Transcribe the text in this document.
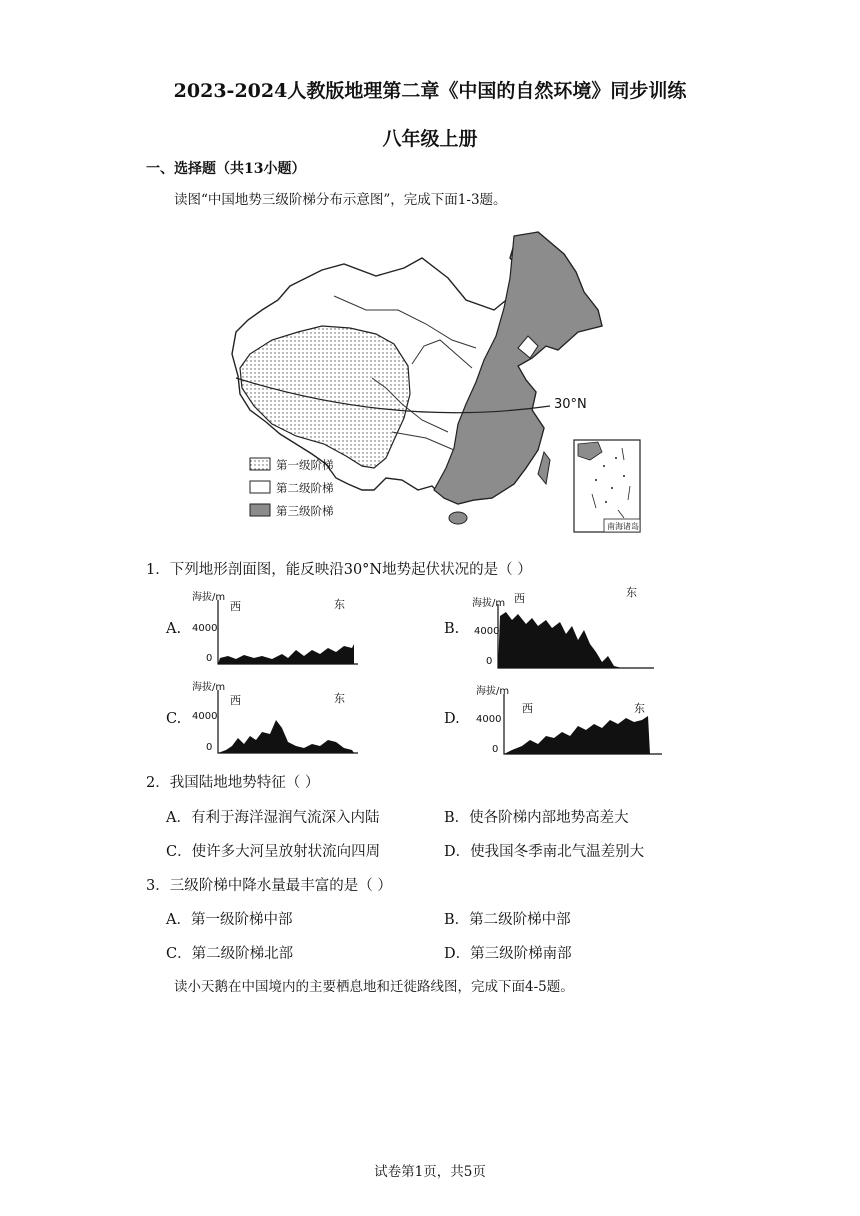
2023-2024人教版地理第二章《中国的自然环境》同步训练
八年级上册
一、选择题（共13小题）
读图“中国地势三级阶梯分布示意图”，完成下面1-3题。
30°N
第一级阶梯
第二级阶梯
第三级阶梯
南海诸岛
1．下列地形剖面图，能反映沿30°N地势起伏状况的是（ ）
A.
海拔/m
西	东
4000
0
B.
海拔/m 西	东
4000
0
C.
海拔/m
西	东
4000
0
D.
海拔/m
西	东
4000
0
2．我国陆地地势特征（ ）
A．有利于海洋湿润气流深入内陆	B．使各阶梯内部地势高差大
C．使许多大河呈放射状流向四周	D．使我国冬季南北气温差别大
3．三级阶梯中降水量最丰富的是（ ）
A．第一级阶梯中部	B．第二级阶梯中部
C．第二级阶梯北部	D．第三级阶梯南部
读小天鹅在中国境内的主要栖息地和迁徙路线图，完成下面4-5题。
试卷第1页，共5页
